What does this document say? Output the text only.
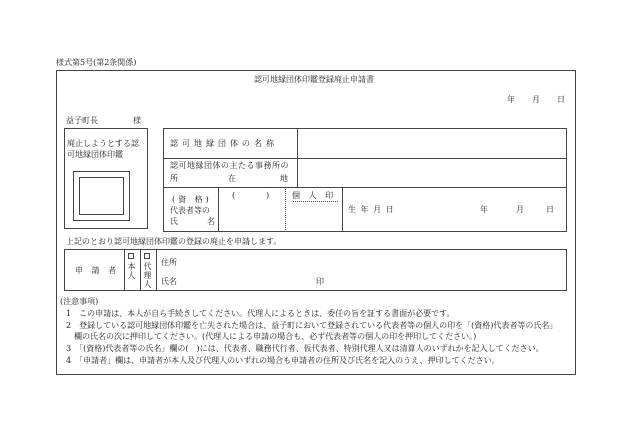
様式第5号(第2条関係)
認可地縁団体印鑑登録廃止申請書
年 月 日
益子町長	様
廃止しようとする認
可地縁団体印鑑
認可地縁団体の名称
認可地縁団体の主たる事務所の
所	在	地
(資 格)
代表者等の
氏	名
(	)	個 人 印
生 年 月 日	年	月	日
上記のとおり認可地縁団体印鑑の登録の廃止を申請します。
申 請 者 本人 代理人 住所
氏名	印
(注意事項)
1　この申請は、本人が自ら手続きしてください。代理人によるときは、委任の旨を証する書面が必要です。
2　登録している認可地縁団体印鑑を亡失された場合は、益子町において登録されている代表者等の個人の印を「(資格)代表者等の氏名」
　欄の氏名の次に押印してください。(代理人による申請の場合も、必ず代表者等の個人の印を押印してください。)
3　「(資格)代表者等の氏名」欄の(　)には、代表者、職務代行者、仮代表者、特別代理人又は清算人のいずれかを記入してください。
4　「申請者」欄は、申請者が本人及び代理人のいずれの場合も申請者の住所及び氏名を記入のうえ、押印してください。
